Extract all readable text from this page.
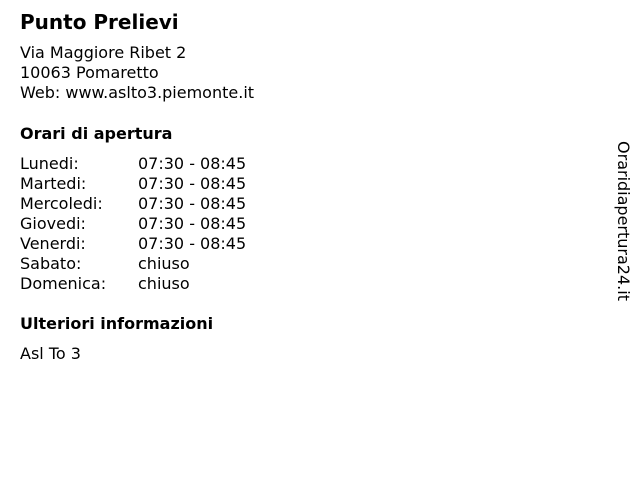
Punto Prelievi
Via Maggiore Ribet 2
10063 Pomaretto
Web: www.aslto3.piemonte.it
Orari di apertura
Lunedi:	07:30 - 08:45
Martedi:	07:30 - 08:45
Mercoledi: 07:30 - 08:45
Giovedi:	07:30 - 08:45
Venerdi:	07:30 - 08:45
Sabato:	chiuso
Domenica: chiuso
Ulteriori informazioni
Asl To 3
Oraridiapertura24.it
